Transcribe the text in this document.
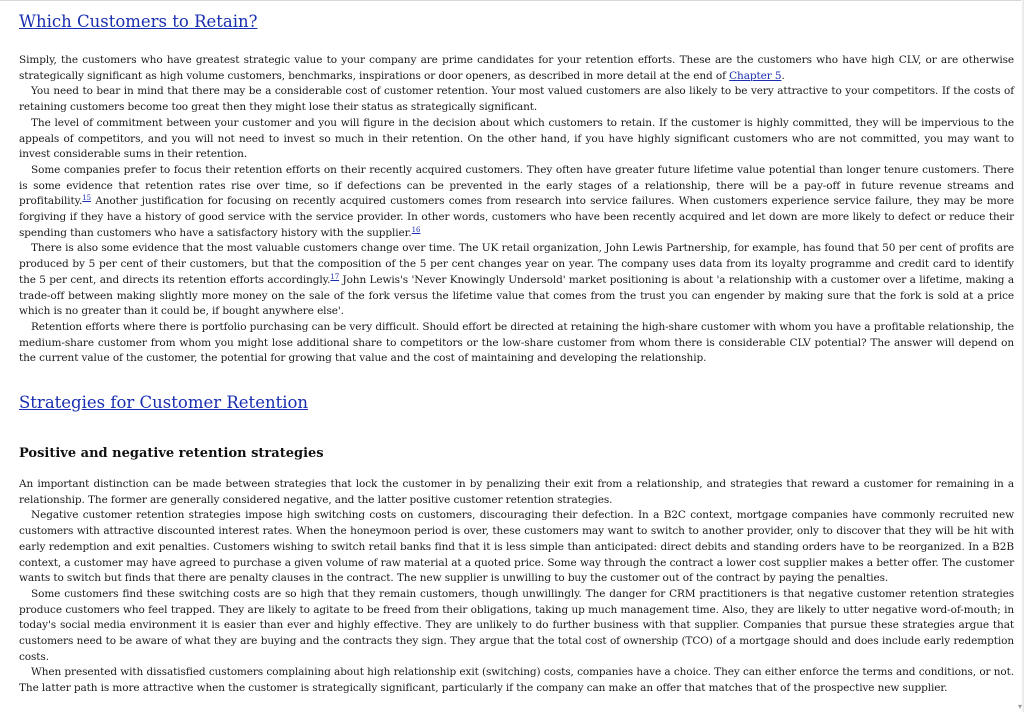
▾
Which Customers to Retain?

Simply, the customers who have greatest strategic value to your company are prime candidates for your retention efforts. These are the customers who have high CLV, or are otherwise strategically significant as high volume customers, benchmarks, inspirations or door openers, as described in more detail at the end of Chapter 5.

You need to bear in mind that there may be a considerable cost of customer retention. Your most valued customers are also likely to be very attractive to your competitors. If the costs of retaining customers become too great then they might lose their status as strategically significant.

The level of commitment between your customer and you will figure in the decision about which customers to retain. If the customer is highly committed, they will be impervious to the appeals of competitors, and you will not need to invest so much in their retention. On the other hand, if you have highly significant customers who are not committed, you may want to invest considerable sums in their retention.

Some companies prefer to focus their retention efforts on their recently acquired customers. They often have greater future lifetime value potential than longer tenure customers. There is some evidence that retention rates rise over time, so if defections can be prevented in the early stages of a relationship, there will be a pay-off in future revenue streams and profitability.$^{15}$ Another justification for focusing on recently acquired customers comes from research into service failures. When customers experience service failure, they may be more forgiving if they have a history of good service with the service provider. In other words, customers who have been recently acquired and let down are more likely to defect or reduce their spending than customers who have a satisfactory history with the supplier.$^{16}$

There is also some evidence that the most valuable customers change over time. The UK retail organization, John Lewis Partnership, for example, has found that 50 per cent of profits are produced by 5 per cent of their customers, but that the composition of the 5 per cent changes year on year. The company uses data from its loyalty programme and credit card to identify the 5 per cent, and directs its retention efforts accordingly.$^{17}$ John Lewis's 'Never Knowingly Undersold' market positioning is about 'a relationship with a customer over a lifetime, making a trade-off between making slightly more money on the sale of the fork versus the lifetime value that comes from the trust you can engender by making sure that the fork is sold at a price which is no greater than it could be, if bought anywhere else'.

Retention efforts where there is portfolio purchasing can be very difficult. Should effort be directed at retaining the high-share customer with whom you have a profitable relationship, the medium-share customer from whom you might lose additional share to competitors or the low-share customer from whom there is considerable CLV potential? The answer will depend on the current value of the customer, the potential for growing that value and the cost of maintaining and developing the relationship.

Strategies for Customer Retention
Positive and negative retention strategies

An important distinction can be made between strategies that lock the customer in by penalizing their exit from a relationship, and strategies that reward a customer for remaining in a relationship. The former are generally considered negative, and the latter positive customer retention strategies.

Negative customer retention strategies impose high switching costs on customers, discouraging their defection. In a B2C context, mortgage companies have commonly recruited new customers with attractive discounted interest rates. When the honeymoon period is over, these customers may want to switch to another provider, only to discover that they will be hit with early redemption and exit penalties. Customers wishing to switch retail banks find that it is less simple than anticipated: direct debits and standing orders have to be reorganized. In a B2B context, a customer may have agreed to purchase a given volume of raw material at a quoted price. Some way through the contract a lower cost supplier makes a better offer. The customer wants to switch but finds that there are penalty clauses in the contract. The new supplier is unwilling to buy the customer out of the contract by paying the penalties.

Some customers find these switching costs are so high that they remain customers, though unwillingly. The danger for CRM practitioners is that negative customer retention strategies produce customers who feel trapped. They are likely to agitate to be freed from their obligations, taking up much management time. Also, they are likely to utter negative word-of-mouth; in today's social media environment it is easier than ever and highly effective. They are unlikely to do further business with that supplier. Companies that pursue these strategies argue that customers need to be aware of what they are buying and the contracts they sign. They argue that the total cost of ownership (TCO) of a mortgage should and does include early redemption costs.

When presented with dissatisfied customers complaining about high relationship exit (switching) costs, companies have a choice. They can either enforce the terms and conditions, or not. The latter path is more attractive when the customer is strategically significant, particularly if the company can make an offer that matches that of the prospective new supplier.
